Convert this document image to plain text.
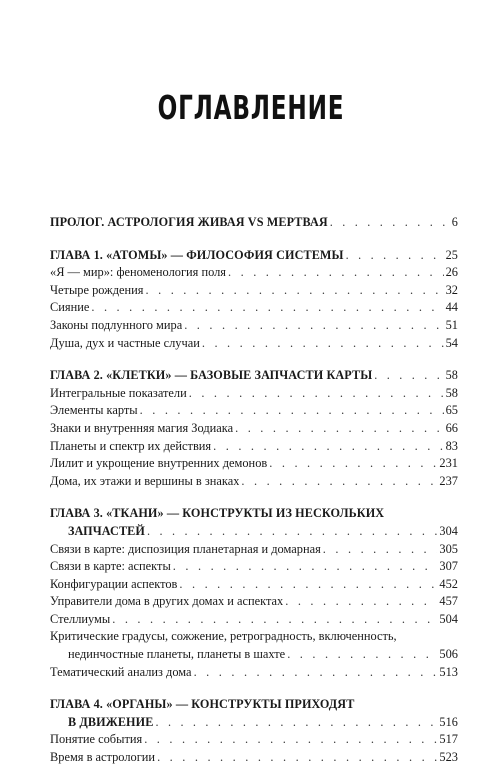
ОГЛАВЛЕНИЕ
ПРОЛОГ. АСТРОЛОГИЯ ЖИВАЯ VS МЕРТВАЯ . . .	6
ГЛАВА 1. «АТОМЫ» — ФИЛОСОФИЯ СИСТЕМЫ . . .	25
«Я — мир»: феноменология поля . . .	26
Четыре рождения . . .	32
Сияние . . .	44
Законы подлунного мира . . .	51
Душа, дух и частные случаи . . .	54
ГЛАВА 2. «КЛЕТКИ» — БАЗОВЫЕ ЗАПЧАСТИ КАРТЫ . . .	58
Интегральные показатели . . .	58
Элементы карты . . .	65
Знаки и внутренняя магия Зодиака . . .	66
Планеты и спектр их действия . . .	83
Лилит и укрощение внутренних демонов . . .	231
Дома, их этажи и вершины в знаках . . .	237
ГЛАВА 3. «ТКАНИ» — КОНСТРУКТЫ ИЗ НЕСКОЛЬКИХ
ЗАПЧАСТЕЙ . . .	304
Связи в карте: диспозиция планетарная и домарная . . .	305
Связи в карте: аспекты . . .	307
Конфигурации аспектов . . .	452
Управители дома в других домах и аспектах . . .	457
Стеллиумы . . .	504
Критические градусы, сожжение, ретроградность, включенность,
нединчостные планеты, планеты в шахте . . .	506
Тематический анализ дома . . .	513
ГЛАВА 4. «ОРГАНЫ» — КОНСТРУКТЫ ПРИХОДЯТ
В ДВИЖЕНИЕ . . .	516
Понятие события . . .	517
Время в астрологии . . .	523
